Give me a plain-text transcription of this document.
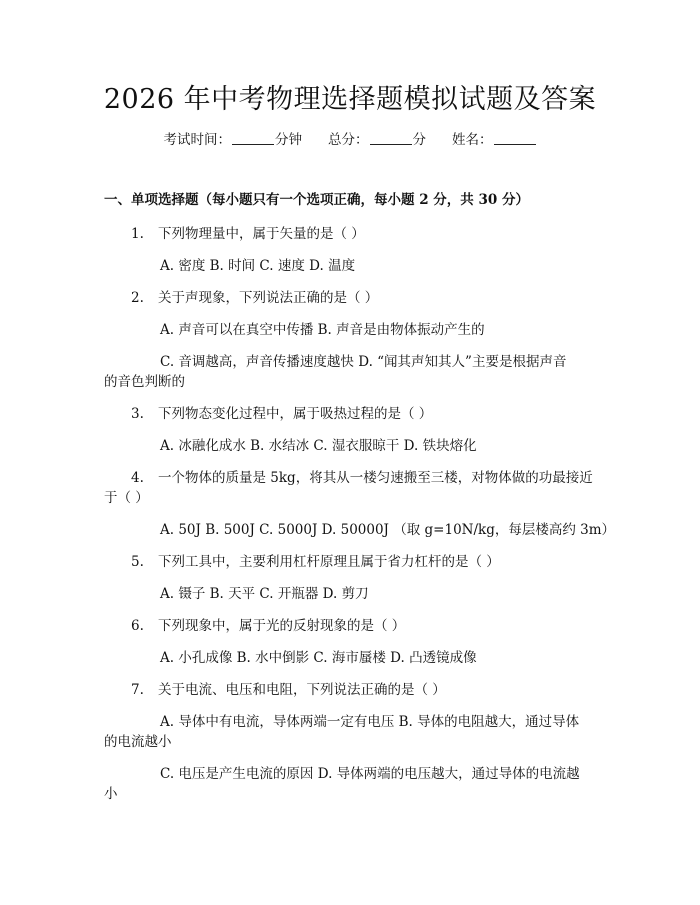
2026 年中考物理选择题模拟试题及答案
考试时间：	分钟 总分：	分 姓名：
一、单项选择题（每小题只有一个选项正确，每小题 2 分，共 30 分）
1. 下列物理量中，属于矢量的是（ ）
A. 密度 B. 时间 C. 速度 D. 温度
2. 关于声现象，下列说法正确的是（ ）
A. 声音可以在真空中传播 B. 声音是由物体振动产生的
C. 音调越高，声音传播速度越快 D. “闻其声知其人”主要是根据声音
的音色判断的
3. 下列物态变化过程中，属于吸热过程的是（ ）
A. 冰融化成水 B. 水结冰 C. 湿衣服晾干 D. 铁块熔化
4. 一个物体的质量是 5kg，将其从一楼匀速搬至三楼，对物体做的功最接近
于（ ）
A. 50J B. 500J C. 5000J D. 50000J （取 g=10N/kg，每层楼高约 3m）
5. 下列工具中，主要利用杠杆原理且属于省力杠杆的是（ ）
A. 镊子 B. 天平 C. 开瓶器 D. 剪刀
6. 下列现象中，属于光的反射现象的是（ ）
A. 小孔成像 B. 水中倒影 C. 海市蜃楼 D. 凸透镜成像
7. 关于电流、电压和电阻，下列说法正确的是（ ）
A. 导体中有电流，导体两端一定有电压 B. 导体的电阻越大，通过导体
的电流越小
C. 电压是产生电流的原因 D. 导体两端的电压越大，通过导体的电流越
小
